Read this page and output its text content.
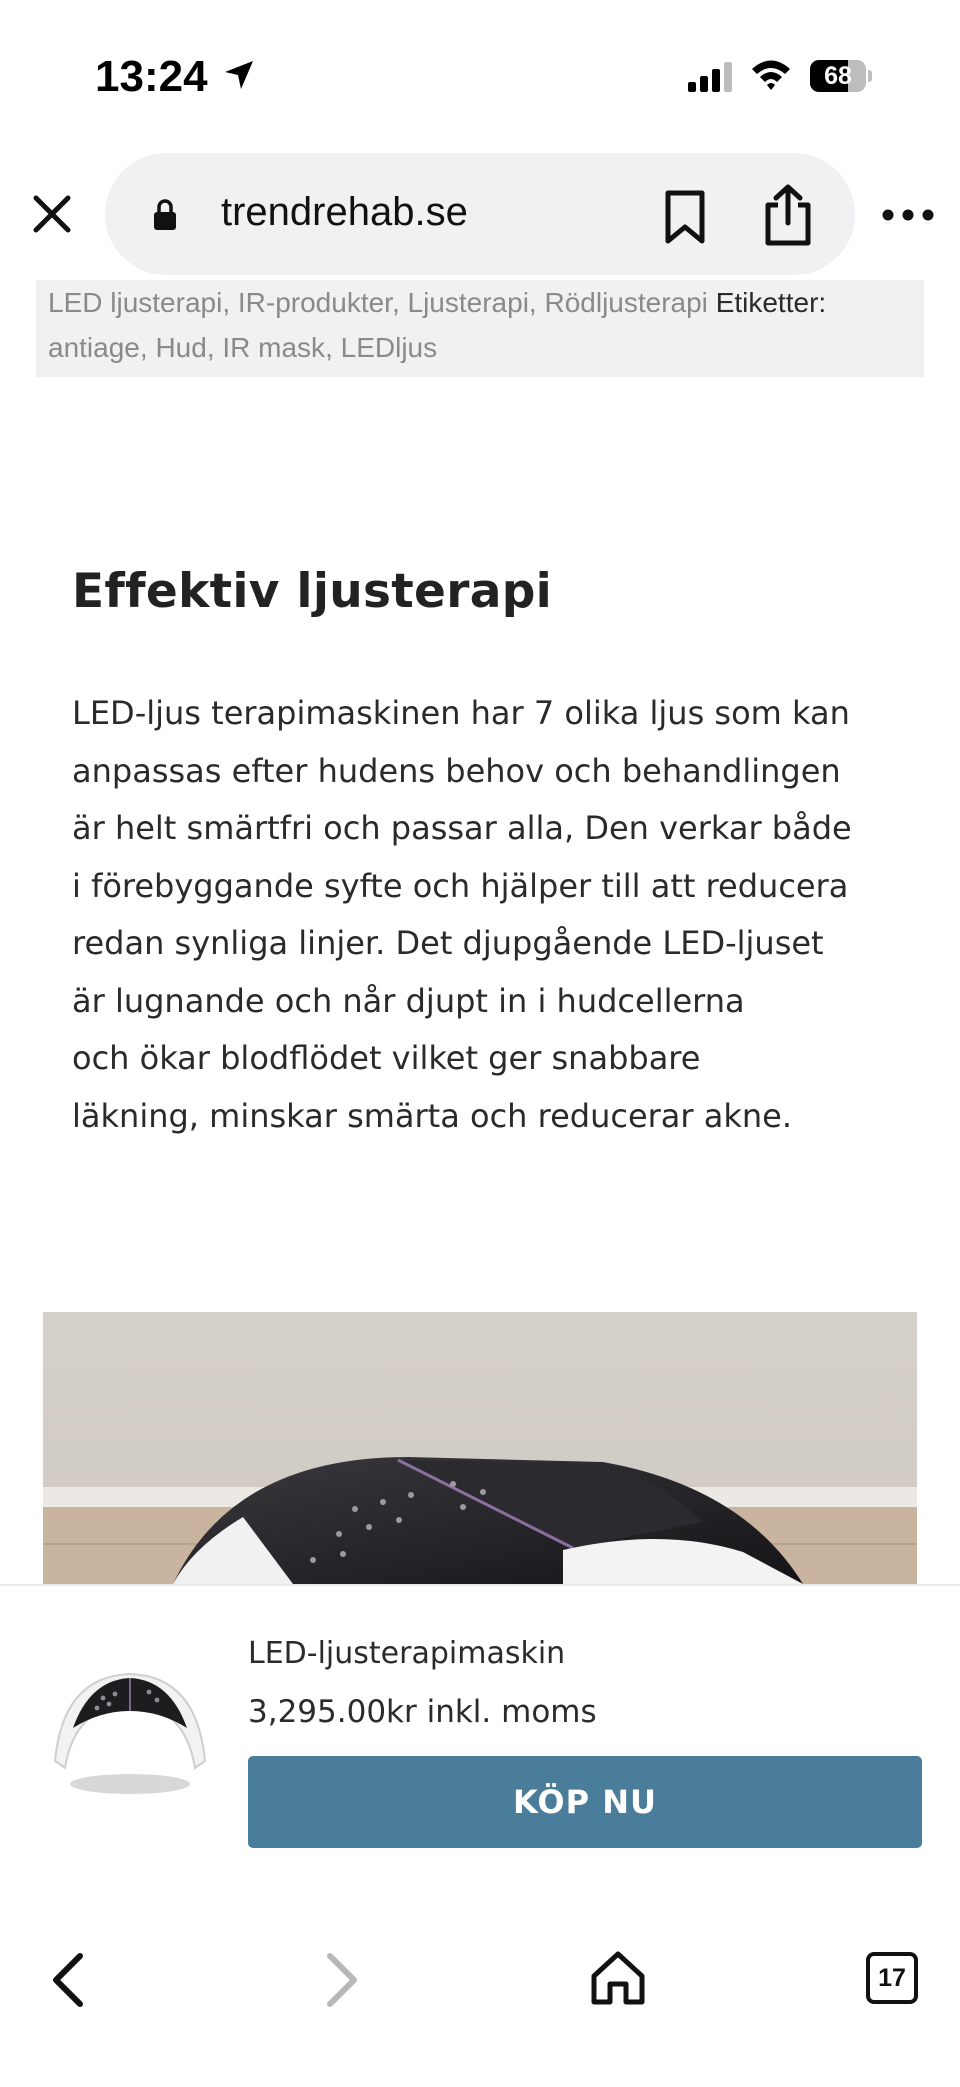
13:24	68
trendrehab.se
LED ljusterapi, IR-produkter, Ljusterapi, Rödljusterapi Etiketter:
antiage, Hud, IR mask, LEDljus
Effektiv ljusterapi

LED-ljus terapimaskinen har 7 olika ljus som kan
anpassas efter hudens behov och behandlingen
är helt smärtfri och passar alla, Den verkar både
i förebyggande syfte och hjälper till att reducera
redan synliga linjer. Det djupgående LED-ljuset
är lugnande och når djupt in i hudcellerna
och ökar blodflödet vilket ger snabbare
läkning, minskar smärta och reducerar akne.

LED-ljusterapimaskin
3,295.00kr inkl. moms
KÖP NU
17
